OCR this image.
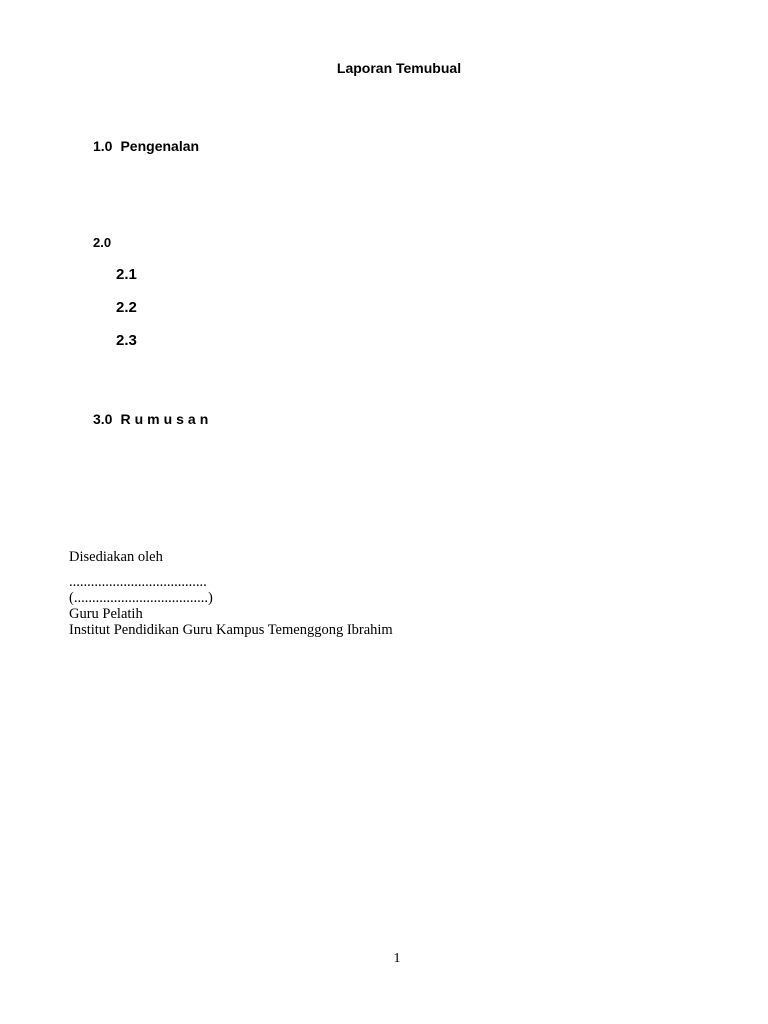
Laporan Temubual
1.0 Pengenalan
2.0
2.1
2.2
2.3
3.0 Rumusan
Disediakan oleh
......................................
(.....................................)
Guru Pelatih
Institut Pendidikan Guru Kampus Temenggong Ibrahim
1
